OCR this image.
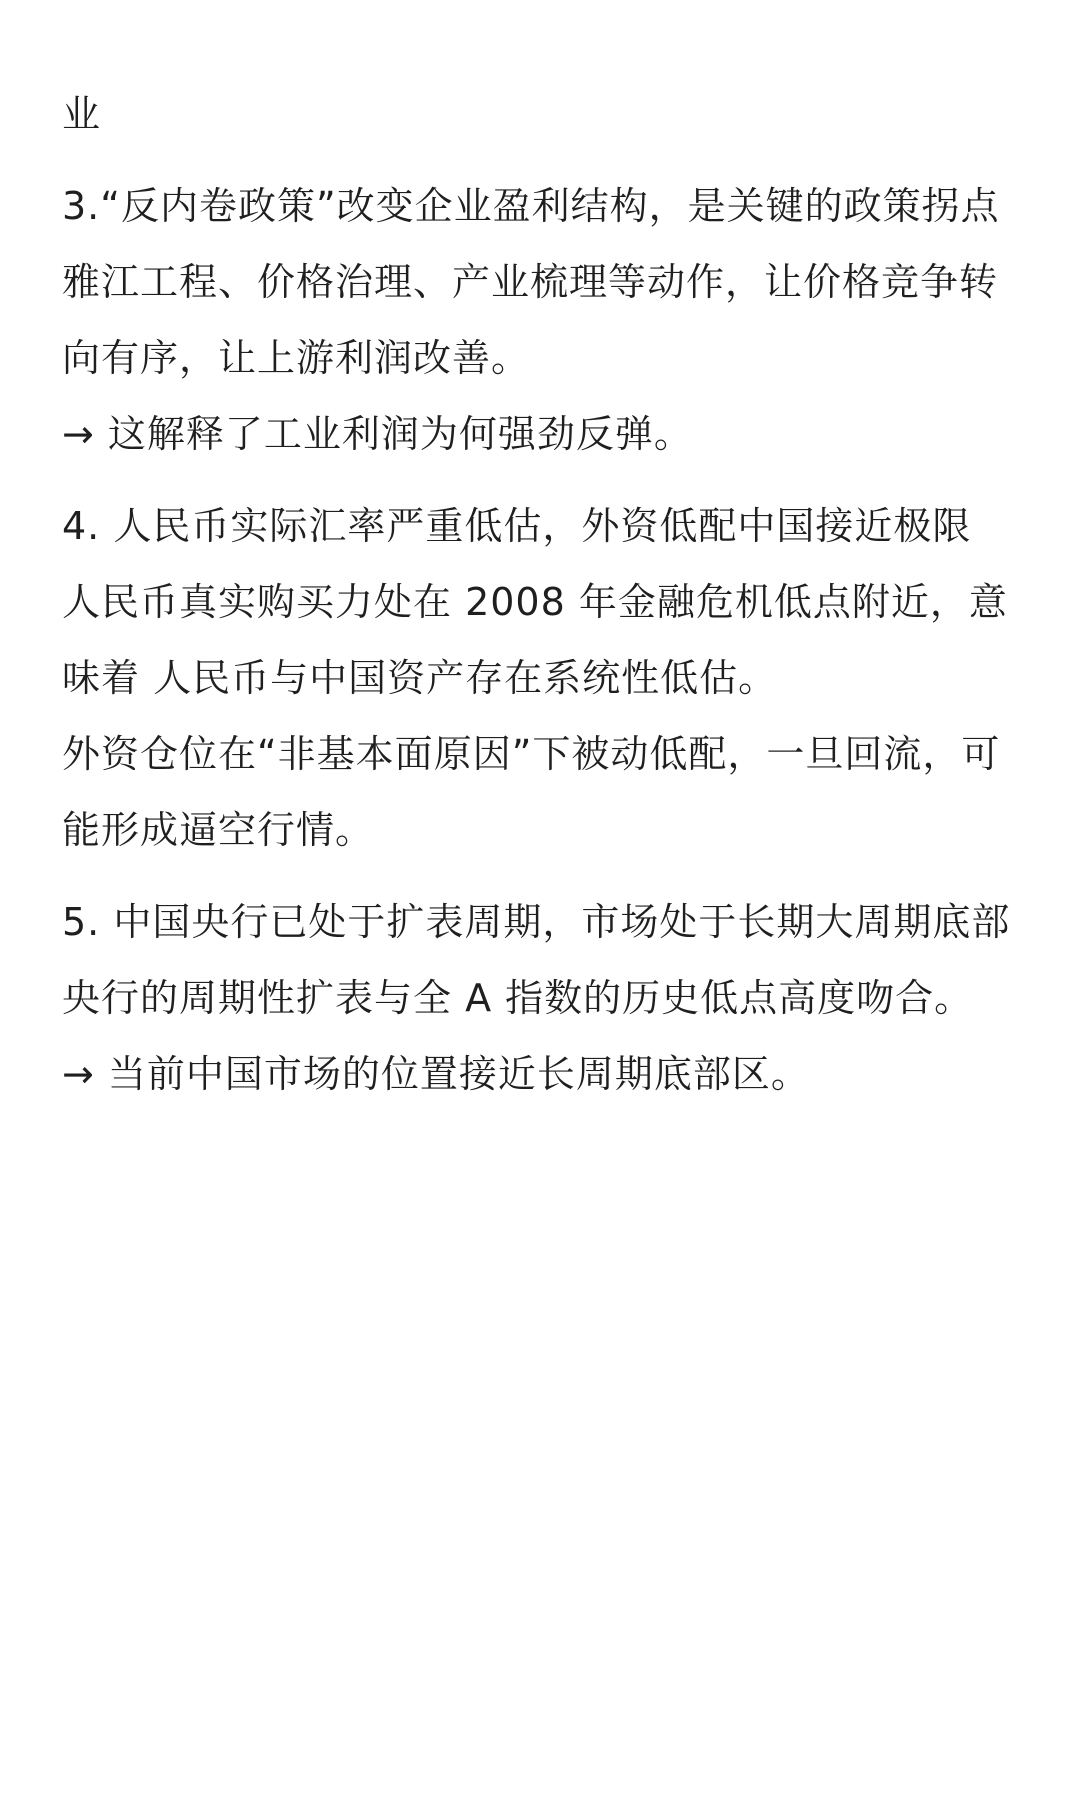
业

3.“反内卷政策”改变企业盈利结构，是关键的政策拐点

雅江工程、价格治理、产业梳理等动作，让价格竞争转向有序，让上游利润改善。

→ 这解释了工业利润为何强劲反弹。

4. 人民币实际汇率严重低估，外资低配中国接近极限

人民币真实购买力处在 2008 年金融危机低点附近，意味着 人民币与中国资产存在系统性低估。

外资仓位在“非基本面原因”下被动低配，一旦回流，可能形成逼空行情。

5. 中国央行已处于扩表周期，市场处于长期大周期底部

央行的周期性扩表与全 A 指数的历史低点高度吻合。

→ 当前中国市场的位置接近长周期底部区。
